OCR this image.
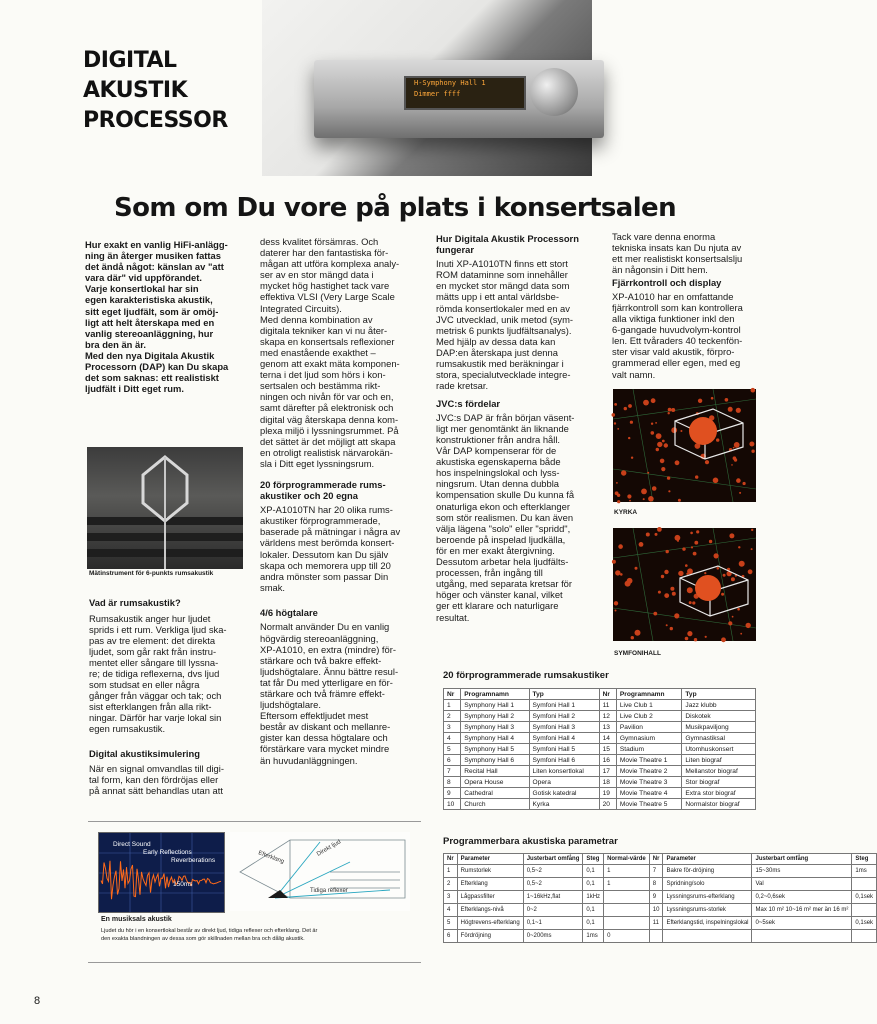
DIGITAL
AKUSTIK
PROCESSOR
H-Symphony Hall 1
Dimmer ffff
Som om Du vore på plats i konsertsalen

Hur exakt en vanlig HiFi-anlägg-

ning än återger musiken fattas

det ändå något: känslan av "att

vara där" vid uppförandet.

Varje konsertlokal har sin

egen karakteristiska akustik,

sitt eget ljudfält, som är omöj-

ligt att helt återskapa med en

vanlig stereoanläggning, hur

bra den än är.

Med den nya Digitala Akustik

Processorn (DAP) kan Du skapa

det som saknas: ett realistiskt

ljudfält i Ditt eget rum.

Mätinstrument för 6-punkts rumsakustik
Vad är rumsakustik?

Rumsakustik anger hur ljudet

sprids i ett rum. Verkliga ljud ska-

pas av tre element: det direkta

ljudet, som går rakt från instru-

mentet eller sångare till lyssna-

re; de tidiga reflexerna, dvs ljud

som studsat en eller några

gånger från väggar och tak; och

sist efterklangen från alla rikt-

ningar. Därför har varje lokal sin

egen rumsakustik.

Digital akustiksimulering

När en signal omvandlas till digi-

tal form, kan den fördröjas eller

på annat sätt behandlas utan att

dess kvalitet försämras. Och

daterer har den fantastiska för-

mågan att utföra komplexa analy-

ser av en stor mängd data i

mycket hög hastighet tack vare

effektiva VLSI (Very Large Scale

Integrated Circuits).

Med denna kombination av

digitala tekniker kan vi nu åter-

skapa en konsertsals reflexioner

med enastående exakthet –

genom att exakt mäta komponen-

terna i det ljud som hörs i kon-

sertsalen och bestämma rikt-

ningen och nivån för var och en,

samt därefter på elektronisk och

digital väg återskapa denna kom-

plexa miljö i lyssningsrummet. På

det sättet är det möjligt att skapa

en otroligt realistisk närvarokän-

sla i Ditt eget lyssningsrum.

20 förprogrammerade rums-

akustiker och 20 egna

XP-A1010TN har 20 olika rums-

akustiker förprogrammerade,

baserade på mätningar i några av

världens mest berömda konsert-

lokaler. Dessutom kan Du själv

skapa och memorera upp till 20

andra mönster som passar Din

smak.

4/6 högtalare

Normalt använder Du en vanlig

högvärdig stereoanläggning,

XP-A1010, en extra (mindre) för-

stärkare och två bakre effekt-

ljudshögtalare. Ännu bättre resul-

tat får Du med ytterligare en för-

stärkare och två främre effekt-

ljudshögtalare.

Eftersom effektljudet mest

består av diskant och mellanre-

gister kan dessa högtalare och

förstärkare vara mycket mindre

än huvudanläggningen.

Hur Digitala Akustik Processorn

fungerar

Inuti XP-A1010TN finns ett stort

ROM dataminne som innehåller

en mycket stor mängd data som

mätts upp i ett antal världsbe-

römda konsertlokaler med en av

JVC utvecklad, unik metod (sym-

metrisk 6 punkts ljudfältsanalys).

Med hjälp av dessa data kan

DAP:en återskapa just denna

rumsakustik med beräkningar i

stora, specialutvecklade integre-

rade kretsar.

JVC:s fördelar

JVC:s DAP är från början väsent-

ligt mer genomtänkt än liknande

konstruktioner från andra håll.

Vår DAP kompenserar för de

akustiska egenskaperna både

hos inspelningslokal och lyss-

ningsrum. Utan denna dubbla

kompensation skulle Du kunna få

onaturliga ekon och efterklanger

som stör realismen. Du kan även

välja lägena "solo" eller "spridd",

beroende på inspelad ljudkälla,

för en mer exakt återgivning.

Dessutom arbetar hela ljudfälts-

processen, från ingång till

utgång, med separata kretsar för

höger och vänster kanal, vilket

ger ett klarare och naturligare

resultat.

Tack vare denna enorma

tekniska insats kan Du njuta av

ett mer realistiskt konsertsalslju

än någonsin i Ditt hem.

Fjärrkontroll och display

XP-A1010 har en omfattande

fjärrkontroll som kan kontrollera

alla viktiga funktioner inkl den

6-gangade huvudvolym-kontrol

len. Ett tvåraders 40 teckenfön-

ster visar vald akustik, förpro-

grammerad eller egen, med eg

valt namn.

KYRKA
SYMFONIHALL
20 förprogrammerade rumsakustiker
Nr	Programnamn	Typ	Nr	Programnamn	Typ
1	Symphony Hall 1	Symfoni Hall 1	11	Live Club 1	Jazz klubb
2	Symphony Hall 2	Symfoni Hall 2	12	Live Club 2	Diskotek
3	Symphony Hall 3	Symfoni Hall 3	13	Pavilion	Musikpaviljong
4	Symphony Hall 4	Symfoni Hall 4	14	Gymnasium	Gymnastiksal
5	Symphony Hall 5	Symfoni Hall 5	15	Stadium	Utomhuskonsert
6	Symphony Hall 6	Symfoni Hall 6	16	Movie Theatre 1	Liten biograf
7	Recital Hall	Liten konsertlokal	17	Movie Theatre 2	Mellanstor biograf
8	Opera House	Opera	18	Movie Theatre 3	Stor biograf
9	Cathedral	Gotisk katedral	19	Movie Theatre 4	Extra stor biograf
10	Church	Kyrka	20	Movie Theatre 5	Normalstor biograf
Programmerbara akustiska parametrar
Nr	Parameter	Justerbart omfång	Steg	Normal-värde	Nr	Parameter	Justerbart omfång	Steg
1	Rumstorlek	0,5~2	0,1	1	7	Bakre för-dröjning	15~30ms	1ms
2	Efterklang	0,5~2	0,1	1	8	Spridning/solo	Val	
3	Lågpassfilter	1~16kHz,flat	1kHz		9	Lyssningsrums-efterklang	0,2~0,6sek	0,1sek
4	Efterklangs-nivå	0~2	0,1		10	Lyssningsrums-storlek	Max 10 m² 10~16 m² mer än 16 m²	
5	Högtrevens-efterklang	0,1~1	0,1		11	Efterklangstid, inspelningslokal	0~5sek	0,1sek
6	Fördröjning	0~200ms	1ms	0				
Direct Sound
Early Reflections
Reverberations
150ms
Efterklang	Direkt ljud
Tidiga reflexer
En musiksals akustik
Ljudet du hör i en konsertlokal består av direkt ljud, tidiga reflexer och efterklang. Det är
den exakta blandningen av dessa som gör skillnaden mellan bra och dålig akustik.
8
